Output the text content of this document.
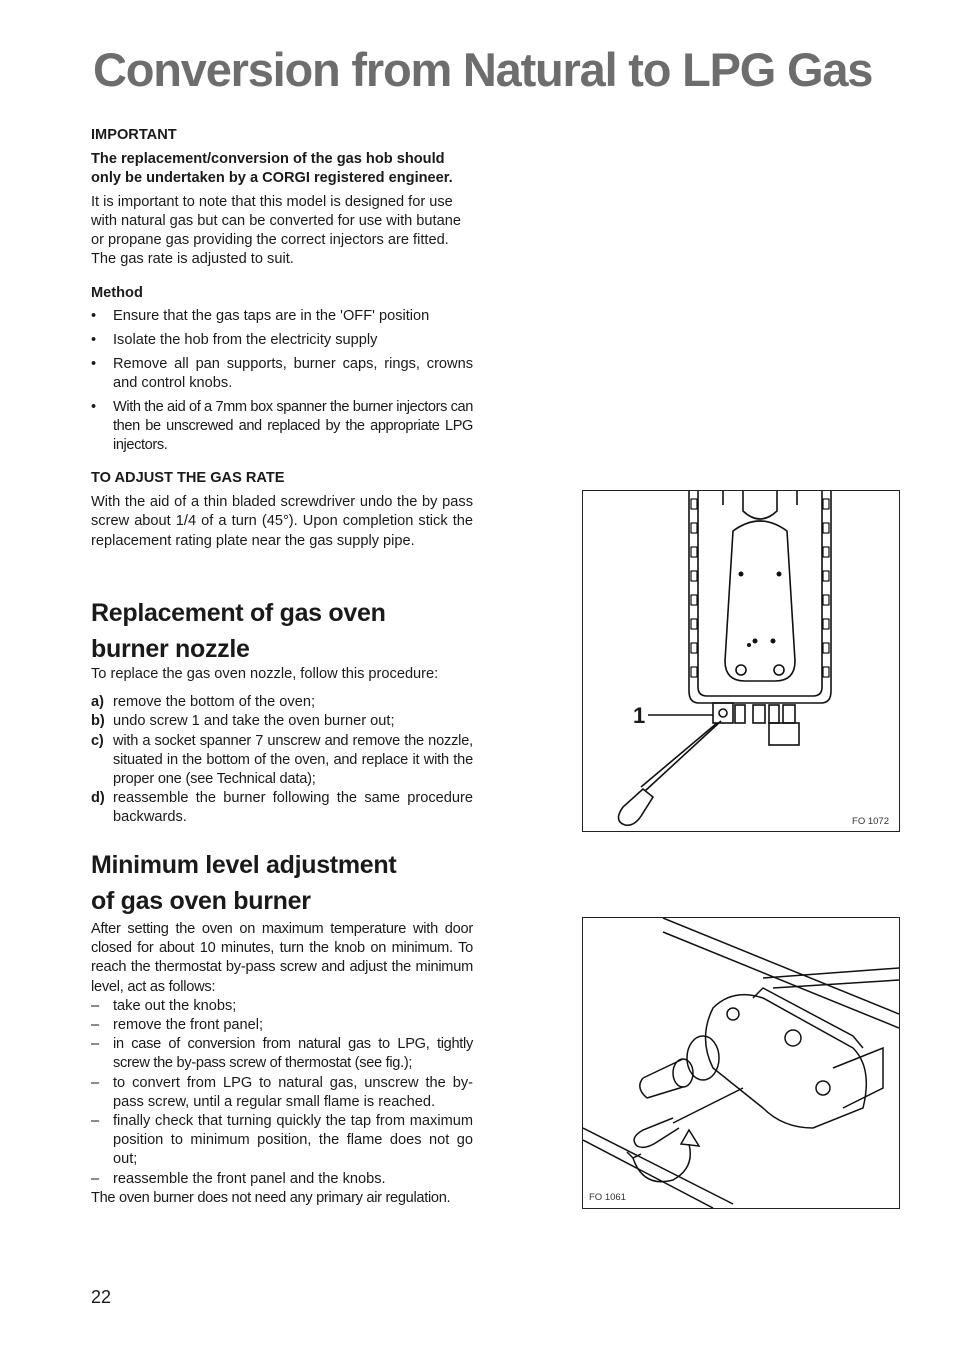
Conversion from Natural to LPG Gas

IMPORTANT

The replacement/conversion of the gas hob should only be undertaken by a CORGI registered engineer.

It is important to note that this model is designed for use with natural gas but can be converted for use with butane or propane gas providing the correct injectors are fitted. The gas rate is adjusted to suit.

Method

• Ensure that the gas taps are in the 'OFF' position
• Isolate the hob from the electricity supply
• Remove all pan supports, burner caps, rings, crowns and control knobs.
• With the aid of a 7mm box spanner the burner injectors can then be unscrewed and replaced by the appropriate LPG injectors.

TO ADJUST THE GAS RATE

With the aid of a thin bladed screwdriver undo the by pass screw about 1/4 of a turn (45°). Upon completion stick the replacement rating plate near the gas supply pipe.

Replacement of gas oven

burner nozzle

To replace the gas oven nozzle, follow this procedure:

a) remove the bottom of the oven;
b) undo screw 1 and take the oven burner out;
c) with a socket spanner 7 unscrew and remove the nozzle, situated in the bottom of the oven, and replace it with the proper one (see Technical data);
d) reassemble the burner following the same procedure backwards.

Minimum level adjustment

of gas oven burner

After setting the oven on maximum temperature with door closed for about 10 minutes, turn the knob on minimum. To reach the thermostat by-pass screw and adjust the minimum level, act as follows:

– take out the knobs;
– remove the front panel;
– in case of conversion from natural gas to LPG, tightly screw the by-pass screw of thermostat (see fig.);
– to convert from LPG to natural gas, unscrew the by-pass screw, until a regular small flame is reached.
– finally check that turning quickly the tap from maximum position to minimum position, the flame does not go out;
– reassemble the front panel and the knobs.

The oven burner does not need any primary air regulation.

1
FO 1072
FO 1061
22
